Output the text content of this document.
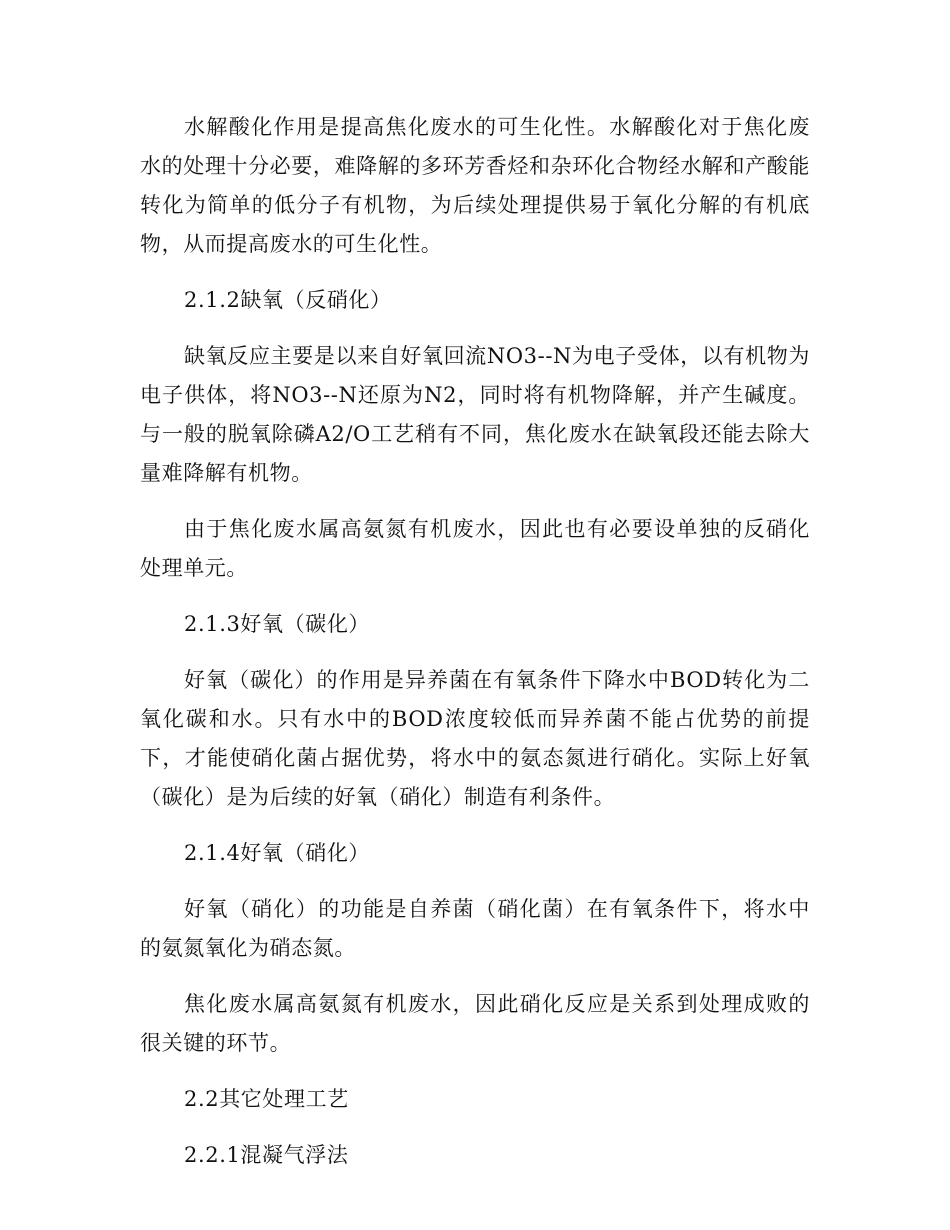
水解酸化作用是提高焦化废水的可生化性。水解酸化对于焦化废水的处理十分必要，难降解的多环芳香烃和杂环化合物经水解和产酸能转化为简单的低分子有机物，为后续处理提供易于氧化分解的有机底物，从而提高废水的可生化性。

2.1.2缺氧（反硝化）

缺氧反应主要是以来自好氧回流NO3--N为电子受体，以有机物为电子供体，将NO3--N还原为N2，同时将有机物降解，并产生碱度。与一般的脱氧除磷A2/O工艺稍有不同，焦化废水在缺氧段还能去除大量难降解有机物。

由于焦化废水属高氨氮有机废水，因此也有必要设单独的反硝化处理单元。

2.1.3好氧（碳化）

好氧（碳化）的作用是异养菌在有氧条件下降水中BOD转化为二氧化碳和水。只有水中的BOD浓度较低而异养菌不能占优势的前提下，才能使硝化菌占据优势，将水中的氨态氮进行硝化。实际上好氧（碳化）是为后续的好氧（硝化）制造有利条件。

2.1.4好氧（硝化）

好氧（硝化）的功能是自养菌（硝化菌）在有氧条件下，将水中的氨氮氧化为硝态氮。

焦化废水属高氨氮有机废水，因此硝化反应是关系到处理成败的很关键的环节。

2.2其它处理工艺

2.2.1混凝气浮法
